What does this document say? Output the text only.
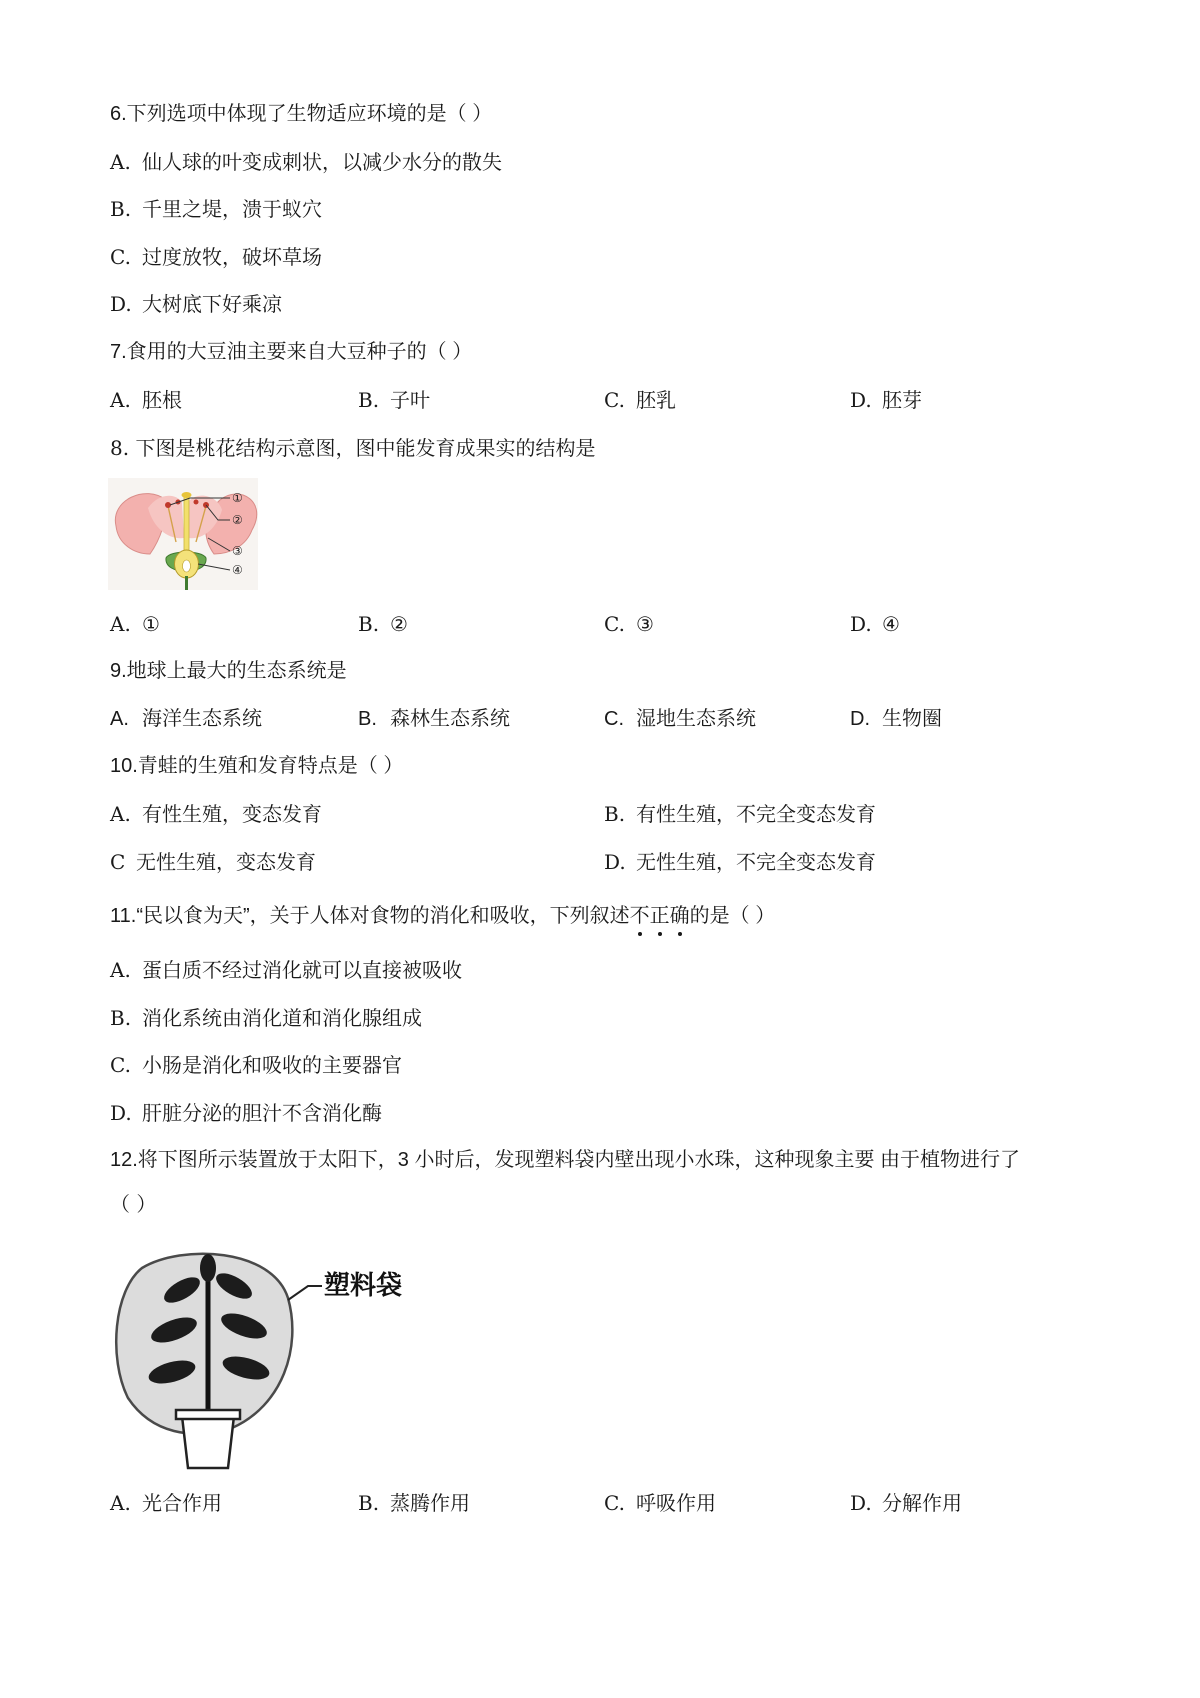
6.下列选项中体现了生物适应环境的是（ ）
A. 仙人球的叶变成刺状，以减少水分的散失
B. 千里之堤，溃于蚁穴
C. 过度放牧，破坏草场
D. 大树底下好乘凉
7.食用的大豆油主要来自大豆种子的（ ）
A. 胚根	B. 子叶	C. 胚乳	D. 胚芽
8. 下图是桃花结构示意图，图中能发育成果实的结构是
①
②
③
④
A. ①	B. ②	C. ③	D. ④
9.地球上最大的生态系统是
A. 海洋生态系统	B. 森林生态系统	C. 湿地生态系统	D. 生物圈
10.青蛙的生殖和发育特点是（ ）
A. 有性生殖，变态发育	B. 有性生殖，不完全变态发育
C 无性生殖，变态发育	D. 无性生殖，不完全变态发育
11.“民以食为天”，关于人体对食物的消化和吸收，下列叙述不正确的是（ ）
A. 蛋白质不经过消化就可以直接被吸收
B. 消化系统由消化道和消化腺组成
C. 小肠是消化和吸收的主要器官
D. 肝脏分泌的胆汁不含消化酶
12.将下图所示装置放于太阳下，3 小时后，发现塑料袋内壁出现小水珠，这种现象主要 由于植物进行了
（ ）
塑料袋
A. 光合作用	B. 蒸腾作用	C. 呼吸作用	D. 分解作用
